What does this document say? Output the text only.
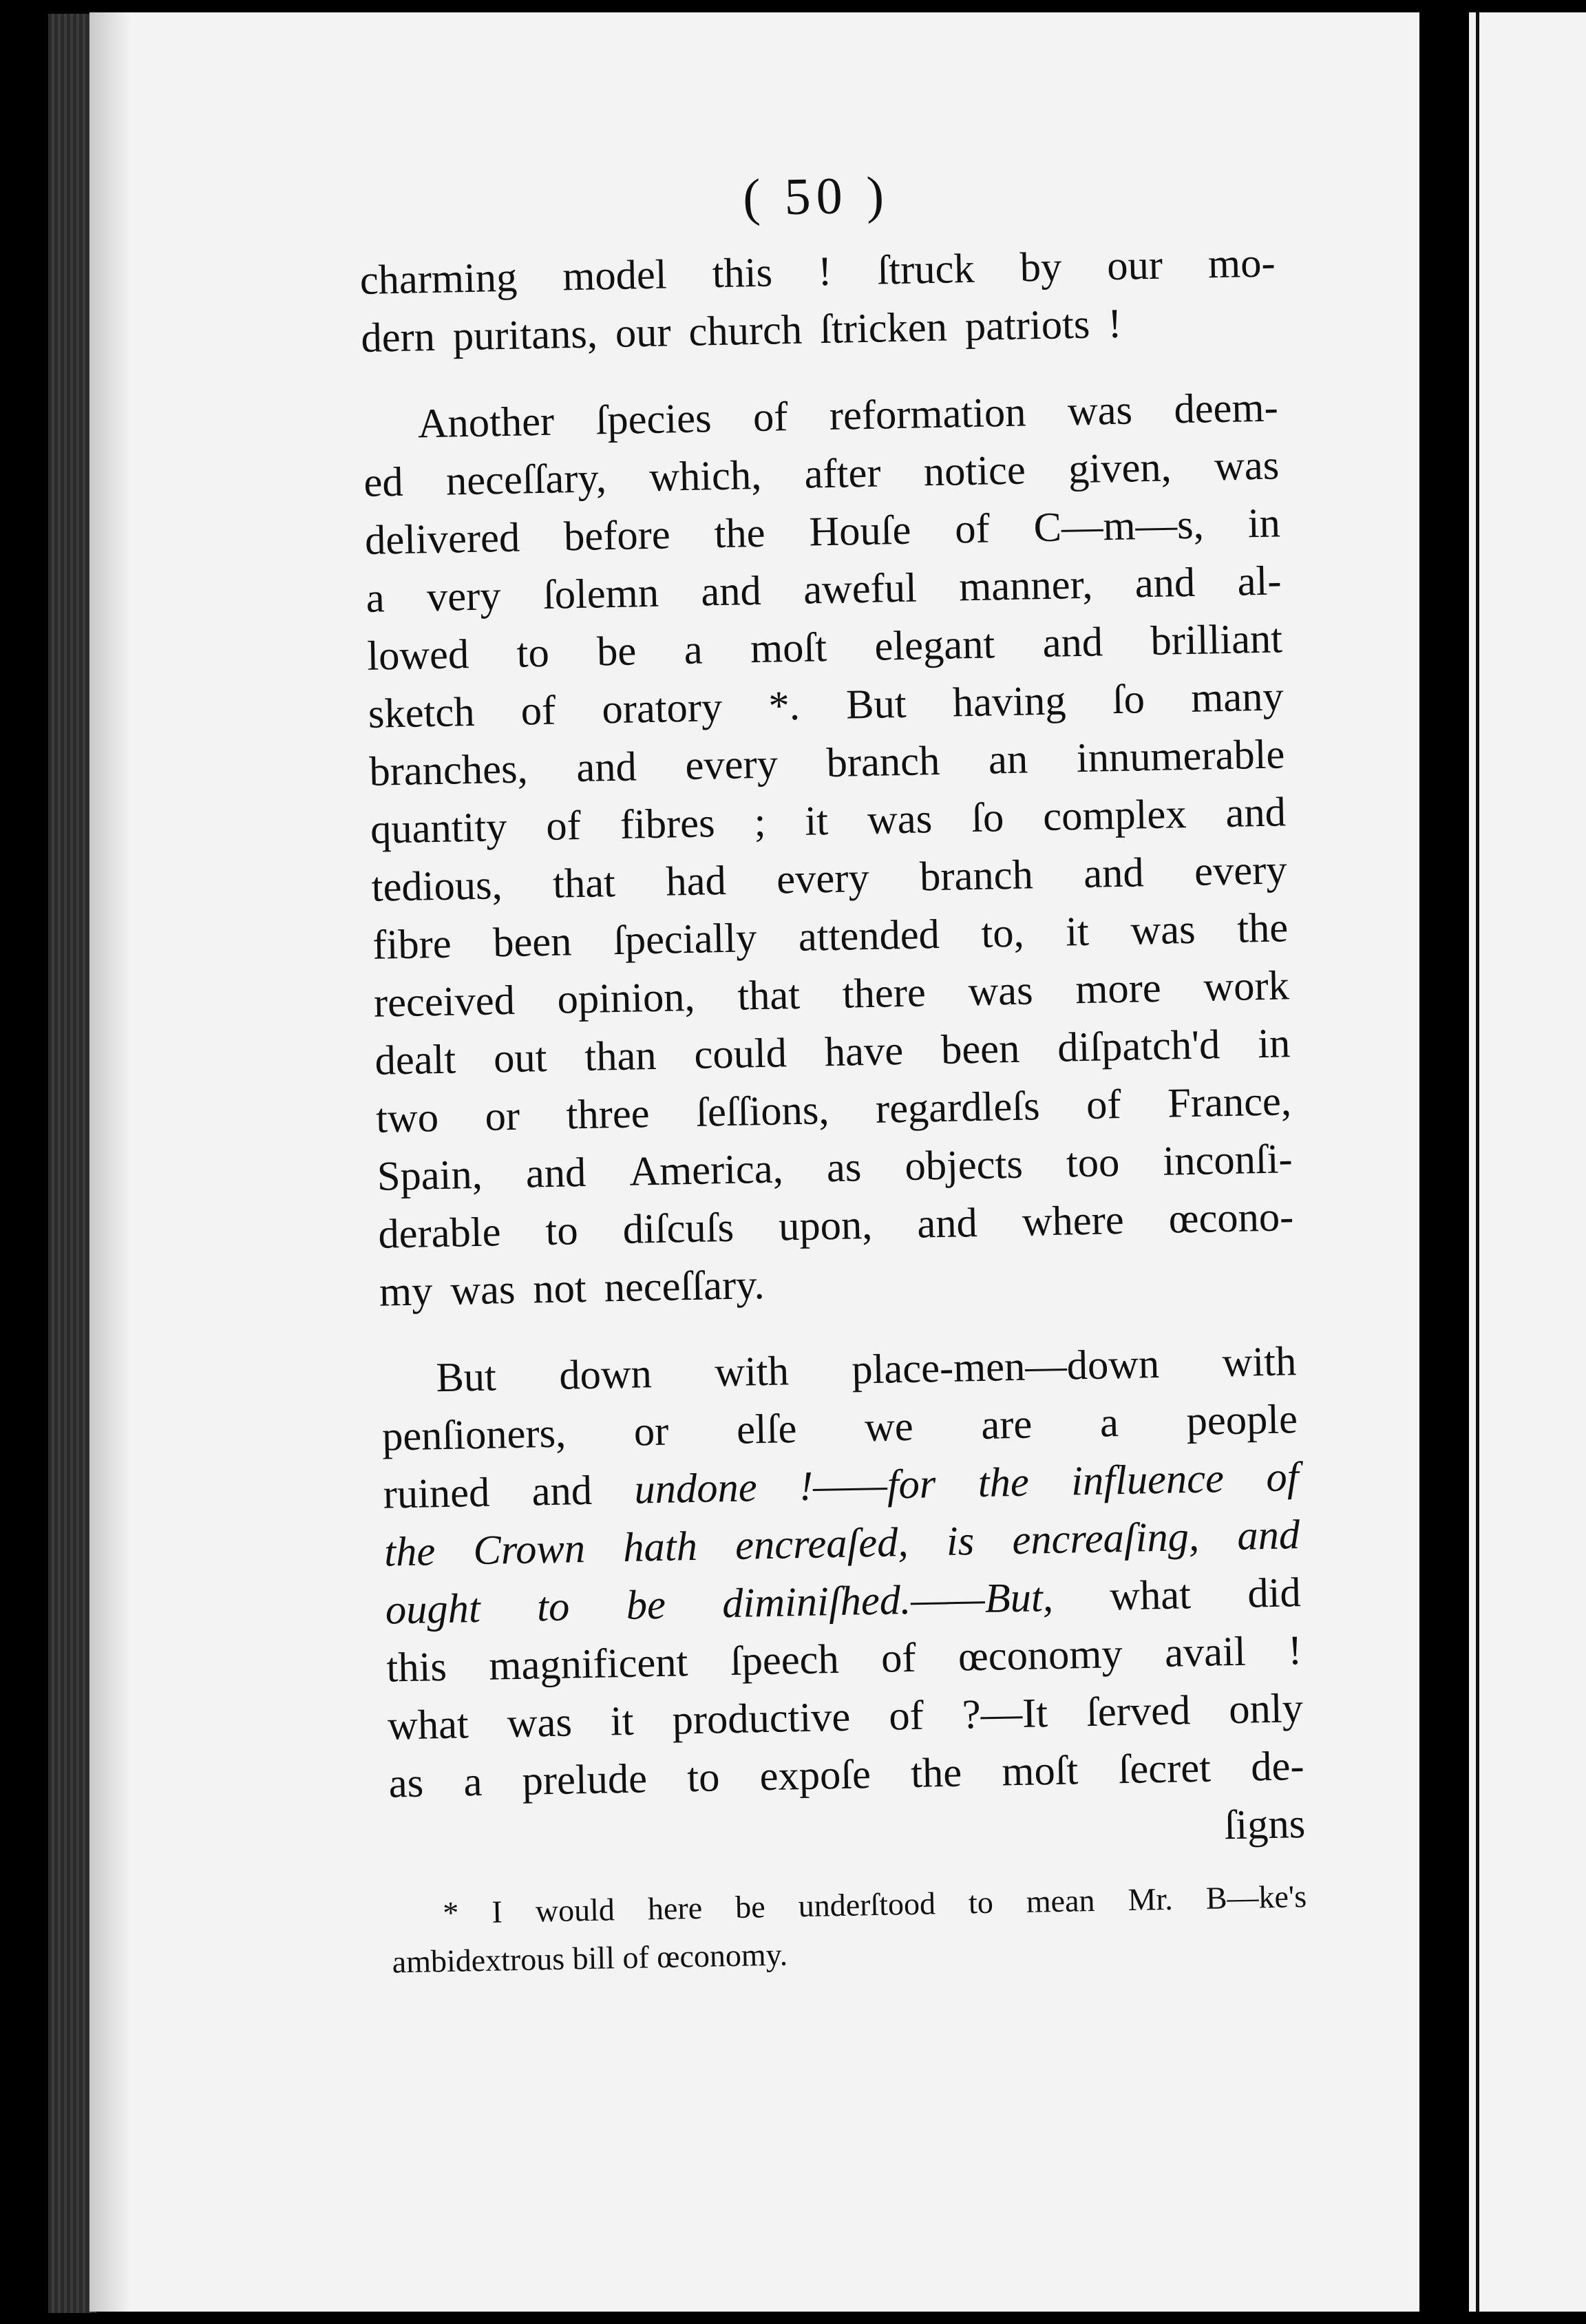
( 50 )
charming model this ! ſtruck by our mo-
dern puritans, our church ſtricken patriots !
Another ſpecies of reformation was deem-
ed neceſſary, which, after notice given, was
delivered before the Houſe of C—m—s, in
a very ſolemn and aweful manner, and al-
lowed to be a moſt elegant and brilliant
sketch of oratory *. But having ſo many
branches, and every branch an innumerable
quantity of fibres ; it was ſo complex and
tedious, that had every branch and every
fibre been ſpecially attended to, it was the
received opinion, that there was more work
dealt out than could have been diſpatch'd in
two or three ſeſſions, regardleſs of France,
Spain, and America, as objects too inconſi-
derable to diſcuſs upon, and where œcono-
my was not neceſſary.
But down with place-men—down with
penſioners, or elſe we are a people
ruined and undone !——for the influence of
the Crown hath encreaſed, is encreaſing, and
ought to be diminiſhed.——But, what did
this magnificent ſpeech of œconomy avail !
what was it productive of ?—It ſerved only
as a prelude to expoſe the moſt ſecret de-
ſigns
* I would here be underſtood to mean Mr. B—ke's
ambidextrous bill of œconomy.
